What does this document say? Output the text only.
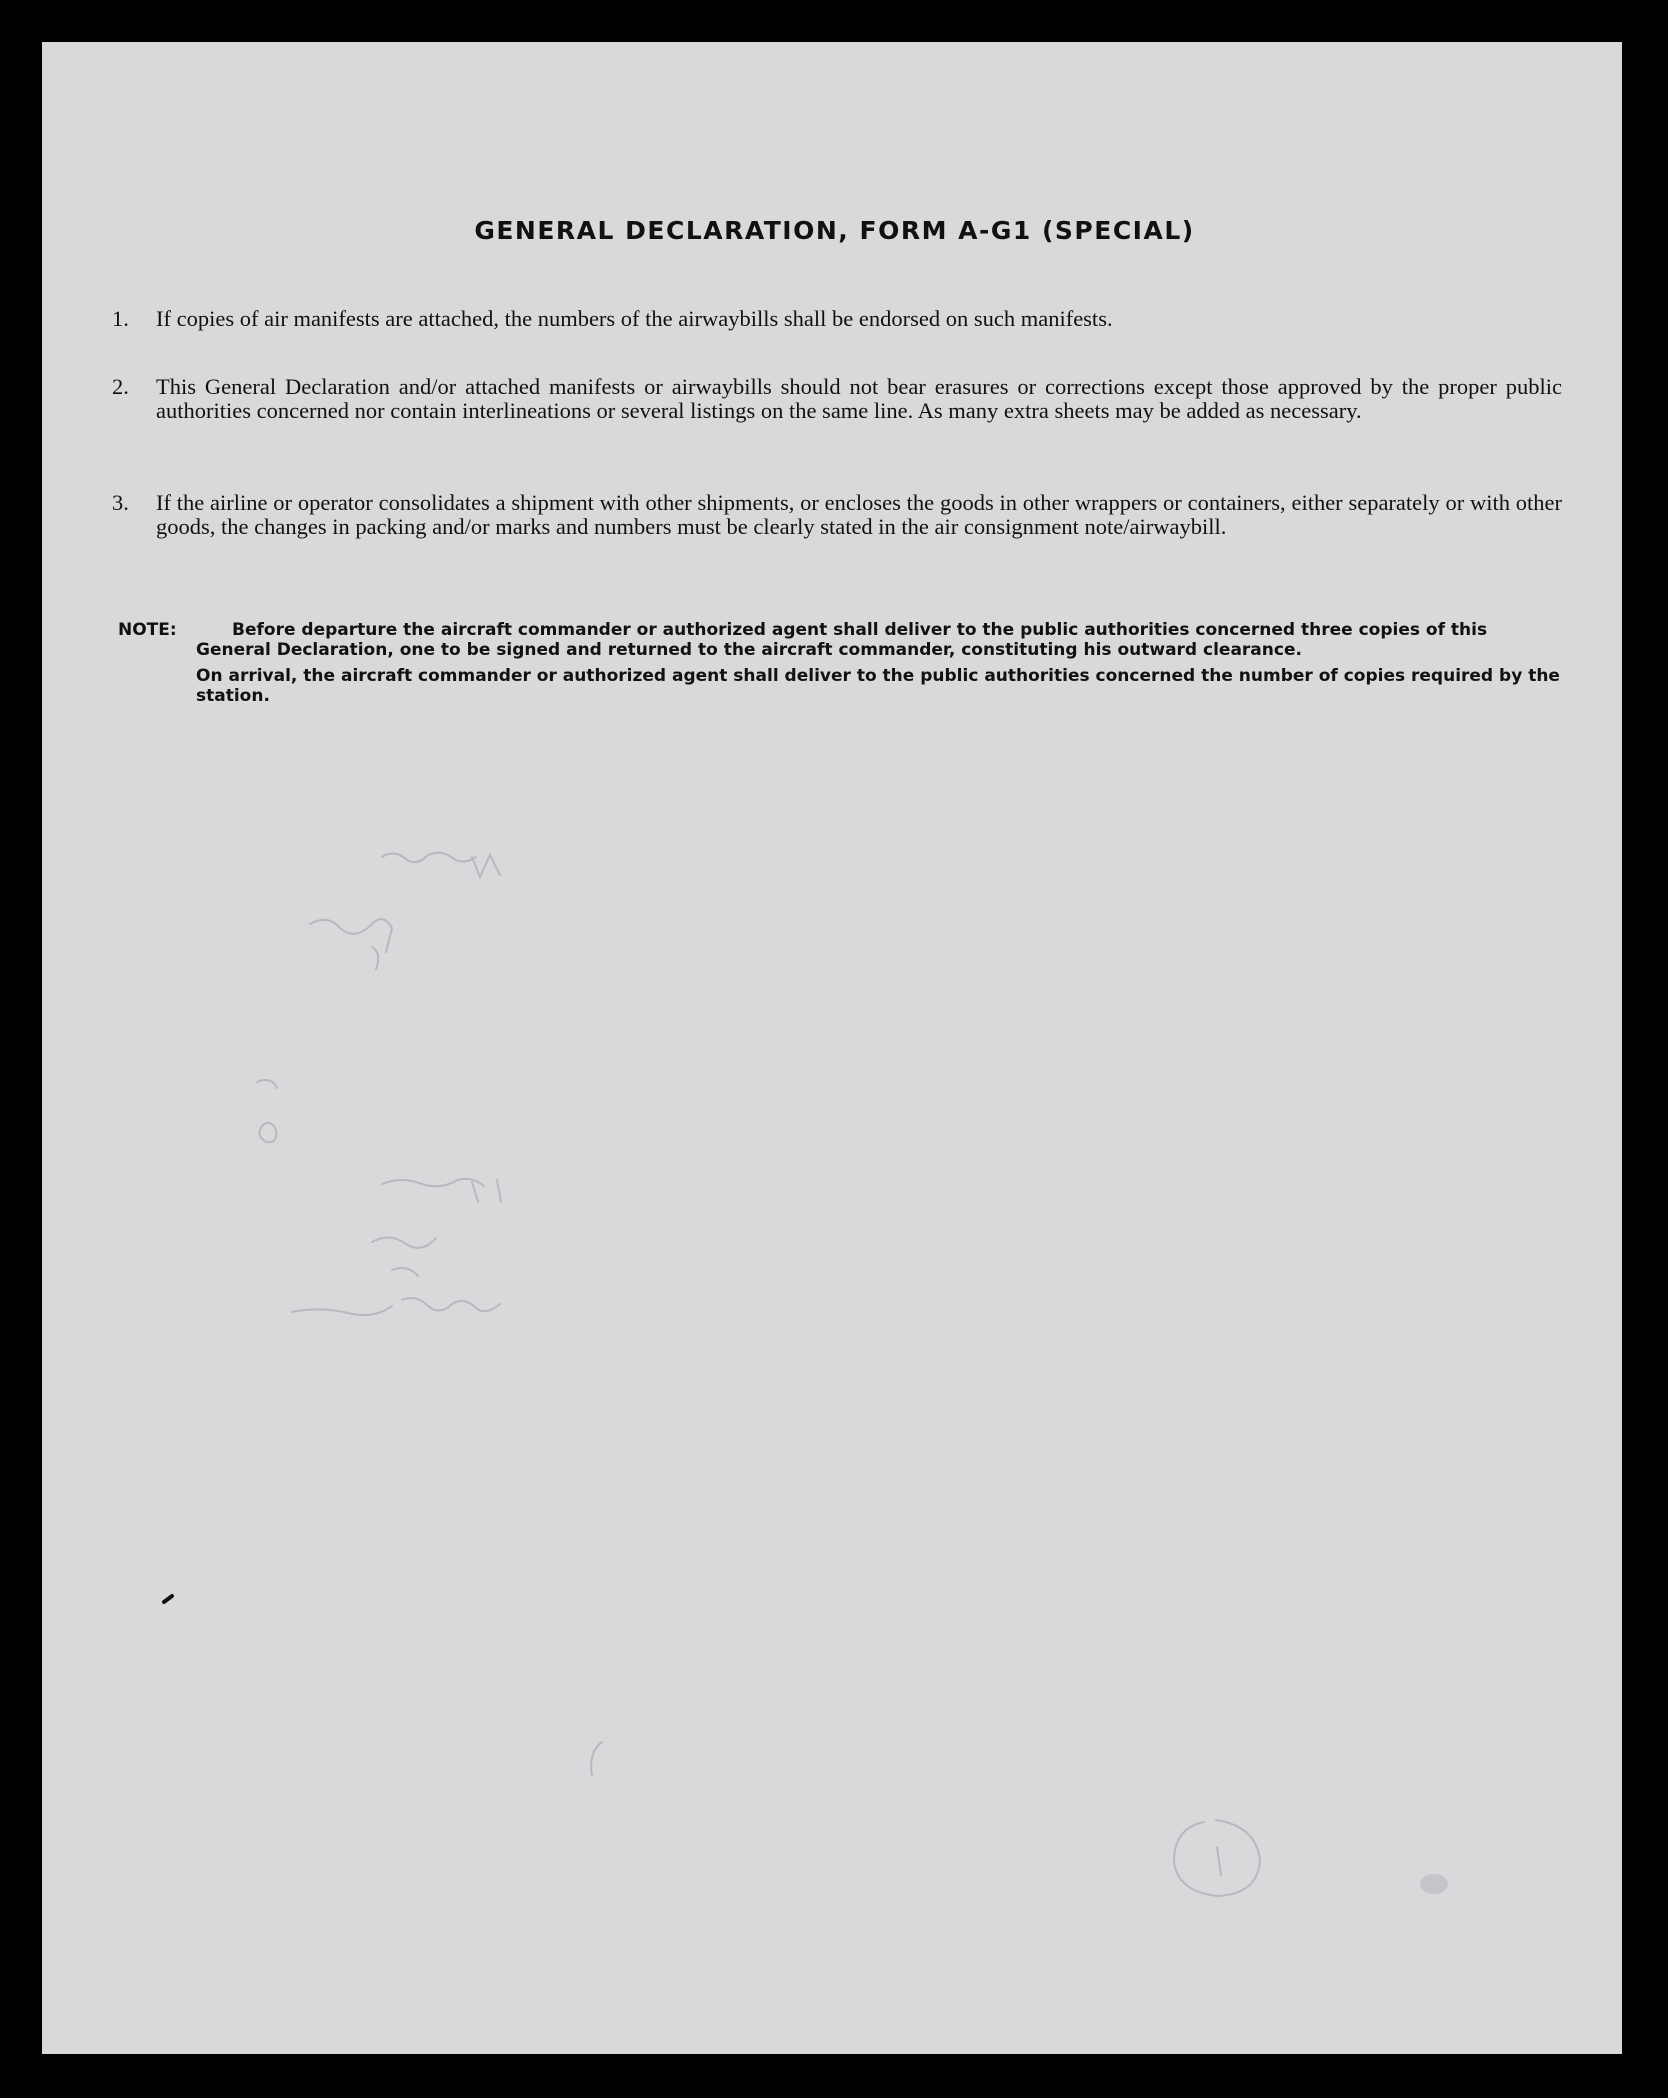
GENERAL DECLARATION, FORM A-G1 (SPECIAL)
1. If copies of air manifests are attached, the numbers of the airwaybills shall be endorsed on such manifests.
2. This General Declaration and/or attached manifests or airwaybills should not bear erasures or corrections except those approved by the proper public authorities concerned nor contain interlineations or several listings on the same line. As many extra sheets may be added as necessary.
3. If the airline or operator consolidates a shipment with other shipments, or encloses the goods in other wrappers or containers, either separately or with other goods, the changes in packing and/or marks and numbers must be clearly stated in the air consignment note/airwaybill.
NOTE:	Before departure the aircraft commander or authorized agent shall deliver to the public authorities concerned three copies of this General Declaration, one to be signed and returned to the aircraft commander, constituting his outward clearance.

On arrival, the aircraft commander or authorized agent shall deliver to the public authorities concerned the number of copies required by the station.
